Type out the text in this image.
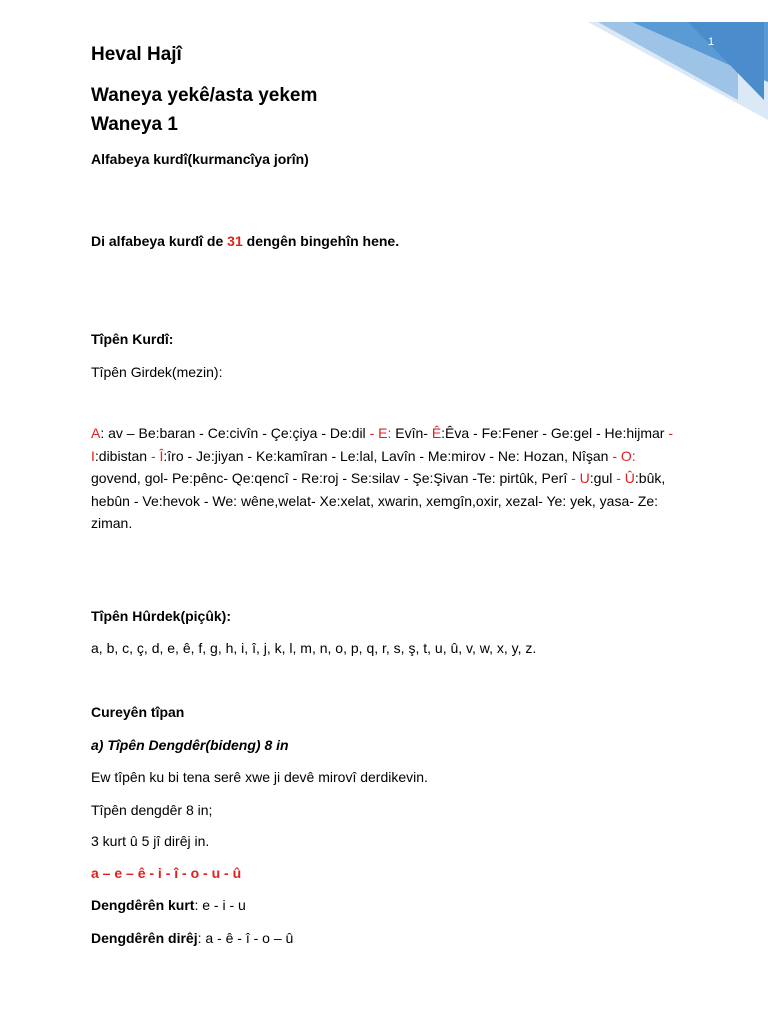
1
Heval Hajî
Waneya yekê/asta yekem
Waneya 1
Alfabeya kurdî(kurmancîya jorîn)
Di alfabeya kurdî de 31 dengên bingehîn hene.
Tîpên Kurdî:
Tîpên Girdek(mezin):
A: av – Be:baran - Ce:civîn - Çe:çiya - De:dil - E: Evîn- Ê:Êva - Fe:Fener - Ge:gel - He:hijmar - I:dibistan - Î:îro - Je:jiyan - Ke:kamîran - Le:lal, Lavîn - Me:mirov - Ne: Hozan, Nîşan - O: govend, gol- Pe:pênc- Qe:qencî - Re:roj - Se:silav - Şe:Şivan -Te: pirtûk, Perî - U:gul - Û:bûk, hebûn - Ve:hevok - We: wêne,welat- Xe:xelat, xwarin, xemgîn,oxir, xezal- Ye: yek, yasa- Ze: ziman.
Tîpên Hûrdek(piçûk):
a, b, c, ç, d, e, ê, f, g, h, i, î, j, k, l, m, n, o, p, q, r, s, ş, t, u, û, v, w, x, y, z.
Cureyên tîpan
a) Tîpên Dengdêr(bideng) 8 in
Ew tîpên ku bi tena serê xwe ji devê mirovî derdikevin.
Tîpên dengdêr 8 in;
3 kurt û 5 jî dirêj in.
a – e – ê - i - î - o - u - û
Dengdêrên kurt: e - i - u
Dengdêrên dirêj: a - ê - î - o – û
